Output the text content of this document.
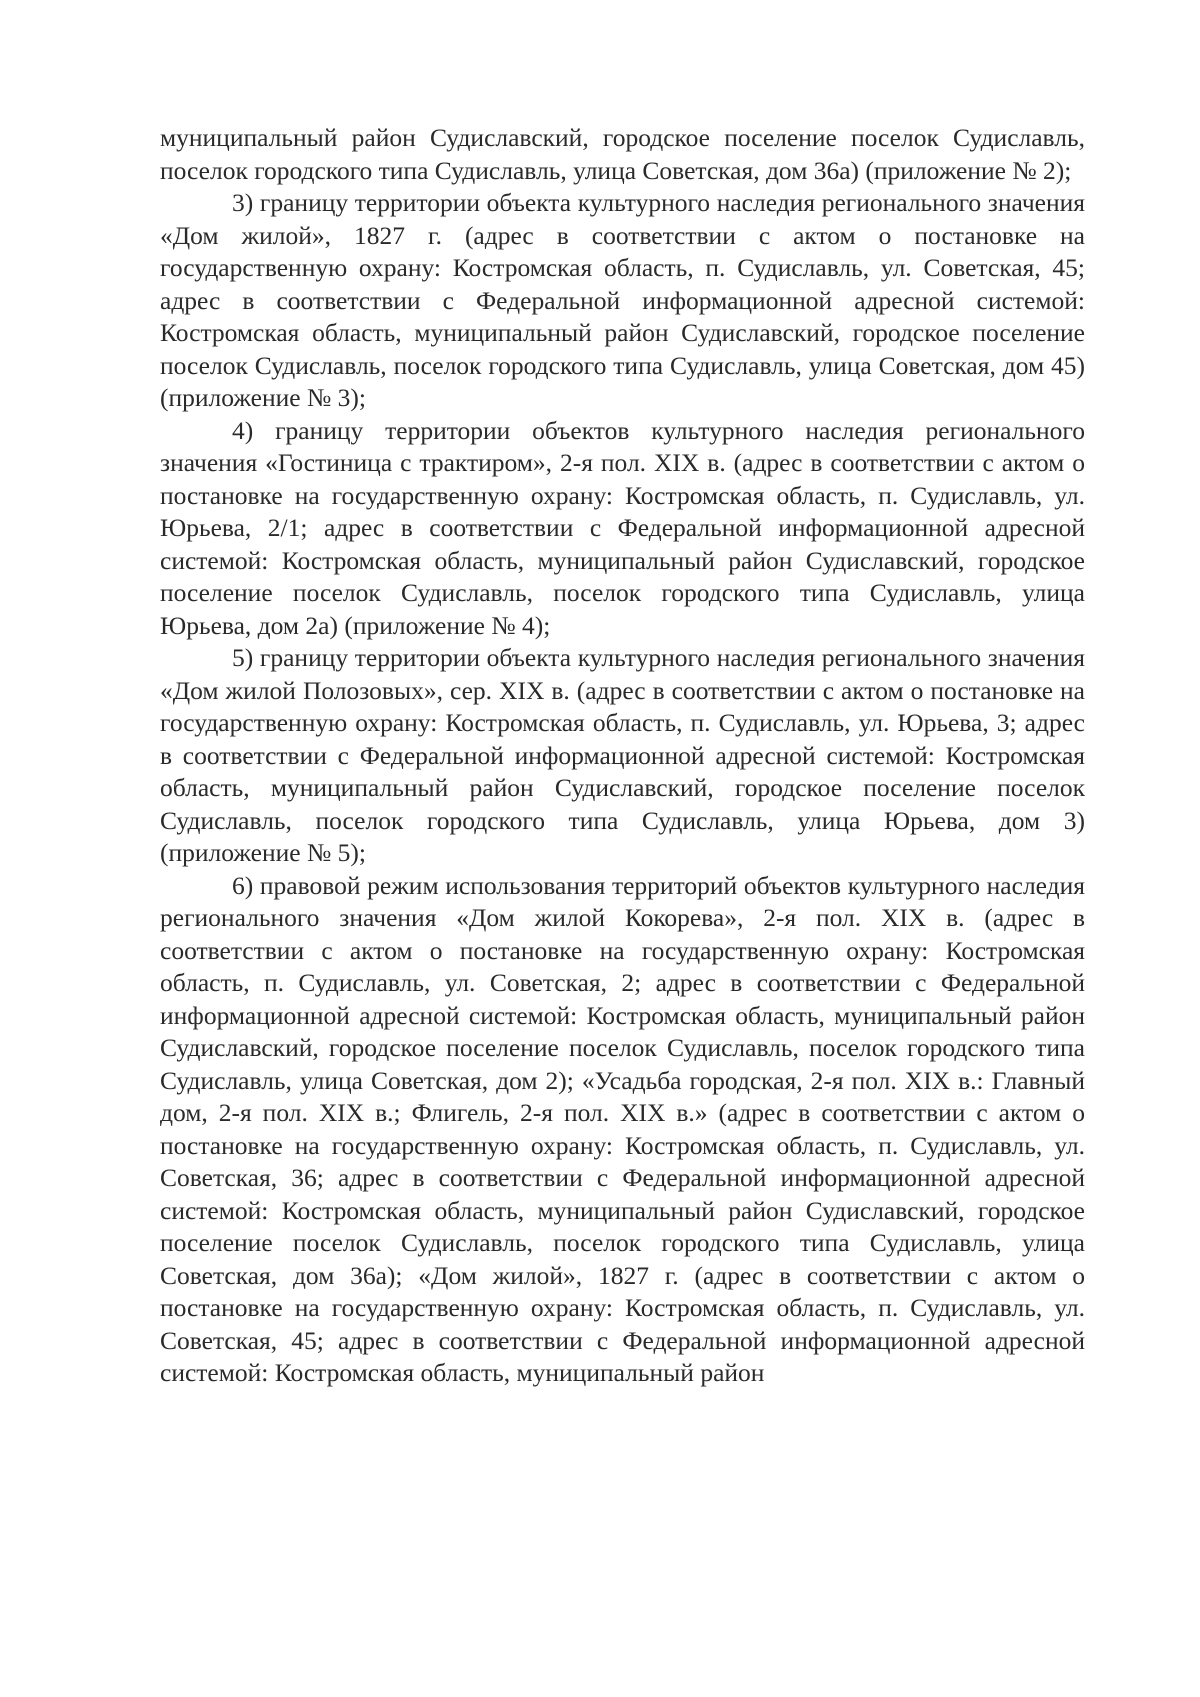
муниципальный район Судиславский, городское поселение поселок Судиславль, поселок городского типа Судиславль, улица Советская, дом 36а) (приложение № 2);

3) границу территории объекта культурного наследия регионального значения «Дом жилой», 1827 г. (адрес в соответствии с актом о постановке на государственную охрану: Костромская область, п. Судиславль, ул. Советская, 45; адрес в соответствии с Федеральной информационной адресной системой: Костромская область, муниципальный район Судиславский, городское поселение поселок Судиславль, поселок городского типа Судиславль, улица Советская, дом 45) (приложение № 3);

4) границу территории объектов культурного наследия регионального значения «Гостиница с трактиром», 2-я пол. XIX в. (адрес в соответствии с актом о постановке на государственную охрану: Костромская область, п. Судиславль, ул. Юрьева, 2/1; адрес в соответствии с Федеральной информационной адресной системой: Костромская область, муниципальный район Судиславский, городское поселение поселок Судиславль, поселок городского типа Судиславль, улица Юрьева, дом 2а) (приложение № 4);

5) границу территории объекта культурного наследия регионального значения «Дом жилой Полозовых», сер. XIX в. (адрес в соответствии с актом о постановке на государственную охрану: Костромская область, п. Судиславль, ул. Юрьева, 3; адрес в соответствии с Федеральной информационной адресной системой: Костромская область, муниципальный район Судиславский, городское поселение поселок Судиславль, поселок городского типа Судиславль, улица Юрьева, дом 3) (приложение № 5);

6) правовой режим использования территорий объектов культурного наследия регионального значения «Дом жилой Кокорева», 2-я пол. XIX в. (адрес в соответствии с актом о постановке на государственную охрану: Костромская область, п. Судиславль, ул. Советская, 2; адрес в соответствии с Федеральной информационной адресной системой: Костромская область, муниципальный район Судиславский, городское поселение поселок Судиславль, поселок городского типа Судиславль, улица Советская, дом 2); «Усадьба городская, 2-я пол. XIX в.: Главный дом, 2-я пол. XIX в.; Флигель, 2-я пол. XIX в.» (адрес в соответствии с актом о постановке на государственную охрану: Костромская область, п. Судиславль, ул. Советская, 36; адрес в соответствии с Федеральной информационной адресной системой: Костромская область, муниципальный район Судиславский, городское поселение поселок Судиславль, поселок городского типа Судиславль, улица Советская, дом 36а); «Дом жилой», 1827 г. (адрес в соответствии с актом о постановке на государственную охрану: Костромская область, п. Судиславль, ул. Советская, 45; адрес в соответствии с Федеральной информационной адресной системой: Костромская область, муниципальный район
